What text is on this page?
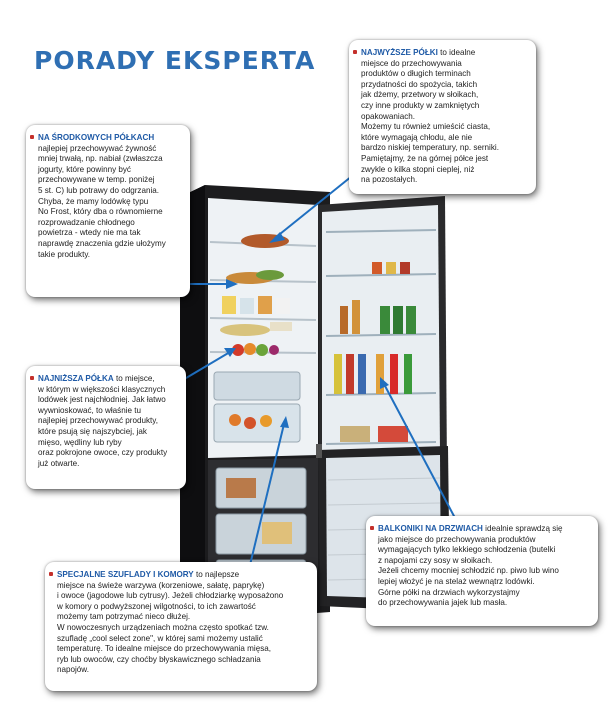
PORADY EKSPERTA	NAJWYŻSZE PÓŁKI to idealne
miejsce do przechowywania
produktów o długich terminach
przydatności do spożycia, takich
jak dżemy, przetwory w słoikach,
czy inne produkty w zamkniętych
opakowaniach.
Możemy tu również umieścić ciasta,
które wymagają chłodu, ale nie
bardzo niskiej temperatury, np. serniki.
Pamiętajmy, że na górnej półce jest
zwykle o kilka stopni cieplej, niż
na pozostałych.

NA ŚRODKOWYCH PÓŁKACH
najlepiej przechowywać żywność
mniej trwałą, np. nabiał (zwłaszcza
jogurty, które powinny być
przechowywane w temp. poniżej
5 st. C) lub potrawy do odgrzania.
Chyba, że mamy lodówkę typu
No Frost, który dba o równomierne
rozprowadzanie chłodnego
powietrza - wtedy nie ma tak
naprawdę znaczenia gdzie ułożymy
takie produkty.

NAJNIŻSZA PÓŁKA to miejsce,
w którym w większości klasycznych
lodówek jest najchłodniej. Jak łatwo
wywnioskować, to właśnie tu
najlepiej przechowywać produkty,
które psują się najszybciej, jak
mięso, wędliny lub ryby
oraz pokrojone owoce, czy produkty
już otwarte.

BALKONIKI NA DRZWIACH idealnie sprawdzą się
jako miejsce do przechowywania produktów
wymagających tylko lekkiego schłodzenia (butelki
z napojami czy sosy w słoikach.
Jeżeli chcemy mocniej schłodzić np. piwo lub wino
lepiej włożyć je na stelaż wewnątrz lodówki.
Górne półki na drzwiach wykorzystajmy
do przechowywania jajek lub masła.

SPECJALNE SZUFLADY I KOMORY to najlepsze
miejsce na świeże warzywa (korzeniowe, sałatę, paprykę)
i owoce (jagodowe lub cytrusy). Jeżeli chłodziarkę wyposażono
w komory o podwyższonej wilgotności, to ich zawartość
możemy tam potrzymać nieco dłużej.
W nowoczesnych urządzeniach można często spotkać tzw.
szufladę „cool select zone", w której sami możemy ustalić
temperaturę. To idealne miejsce do przechowywania mięsa,
ryb lub owoców, czy choćby błyskawicznego schładzania
napojów.
